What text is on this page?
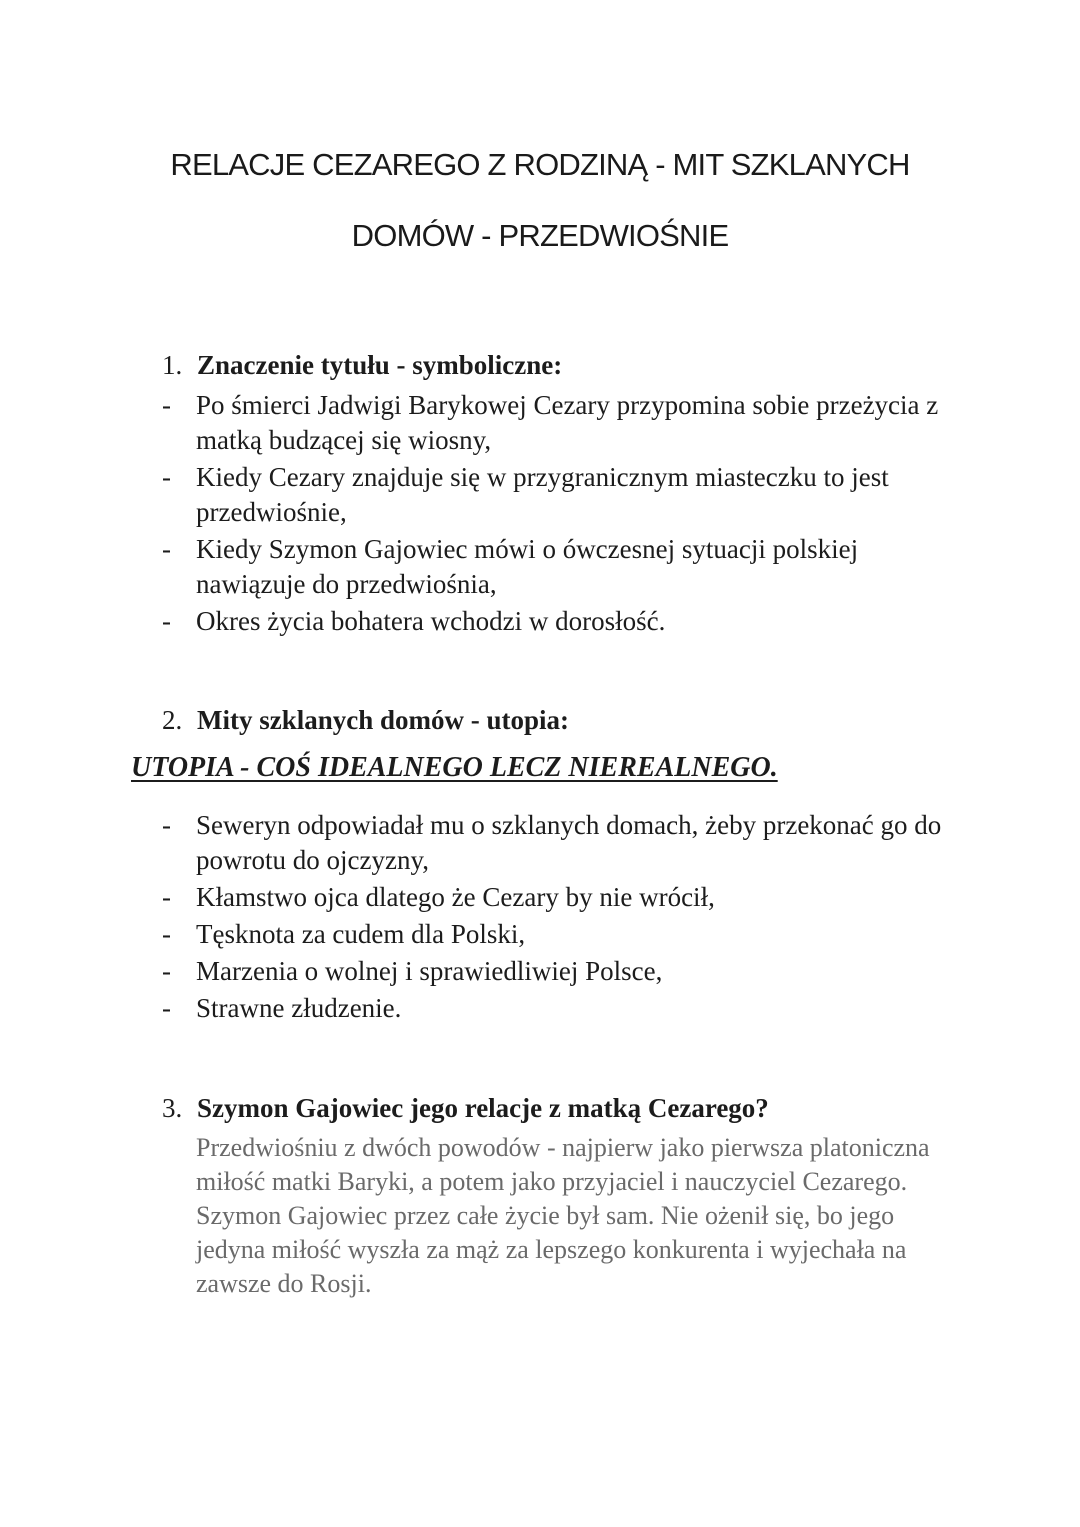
RELACJE CEZAREGO Z RODZINĄ - MIT SZKLANYCH
DOMÓW - PRZEDWIOŚNIE
1. Znaczenie tytułu - symboliczne:
- Po śmierci Jadwigi Barykowej Cezary przypomina sobie przeżycia z matką budzącej się wiosny,
- Kiedy Cezary znajduje się w przygranicznym miasteczku to jest przedwiośnie,
- Kiedy Szymon Gajowiec mówi o ówczesnej sytuacji polskiej nawiązuje do przedwiośnia,
- Okres życia bohatera wchodzi w dorosłość.
2. Mity szklanych domów - utopia:

UTOPIA - COŚ IDEALNEGO LECZ NIEREALNEGO.

- Seweryn odpowiadał mu o szklanych domach, żeby przekonać go do powrotu do ojczyzny,
- Kłamstwo ojca dlatego że Cezary by nie wrócił,
- Tęsknota za cudem dla Polski,
- Marzenia o wolnej i sprawiedliwiej Polsce,
- Strawne złudzenie.
3. Szymon Gajowiec jego relacje z matką Cezarego?

Przedwiośniu z dwóch powodów - najpierw jako pierwsza platoniczna miłość matki Baryki, a potem jako przyjaciel i nauczyciel Cezarego. Szymon Gajowiec przez całe życie był sam. Nie ożenił się, bo jego jedyna miłość wyszła za mąż za lepszego konkurenta i wyjechała na zawsze do Rosji.
